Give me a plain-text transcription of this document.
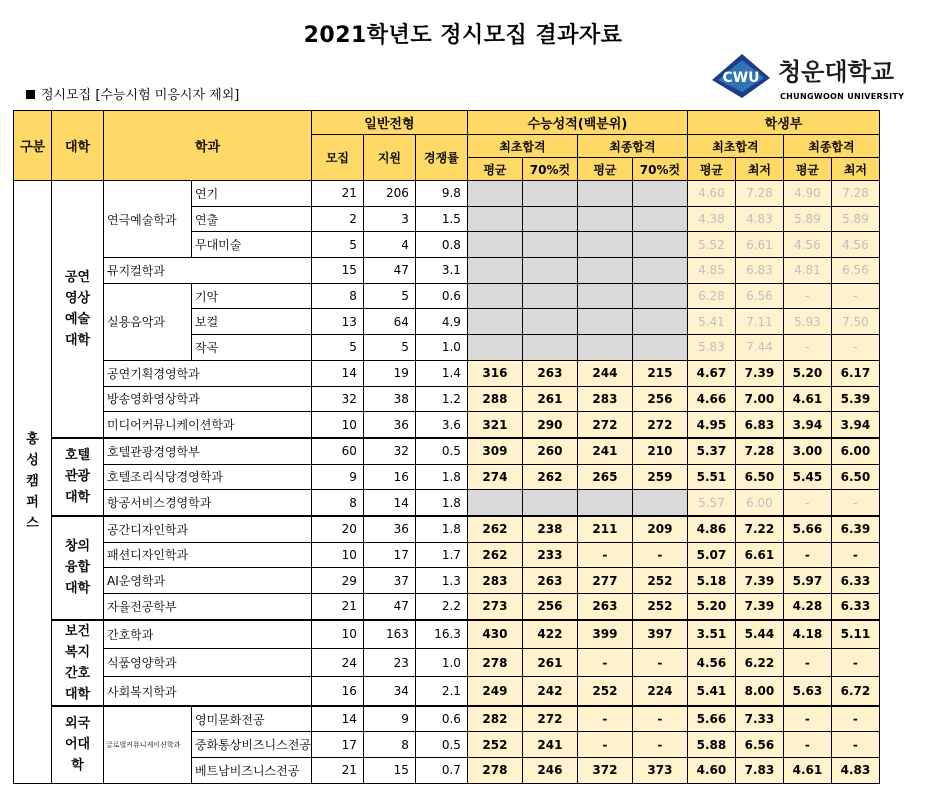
2021학년도 정시모집 결과자료
정시모집 [수능시험 미응시자 제외]
CWU 청운대학교
CHUNGWOON UNIVERSITY
구분	대학	학과		일반전형			수능성적(백분위)				학생부			
				모집	지원	경쟁률	최초합격		최종합격		최초합격		최종합격	
							평균	70%컷	평균	70%컷	평균	최저	평균	최저
홍성캠퍼스	공연영상예술대학	연극예술학과	연기	21	206	9.8					4.60	7.28	4.90	7.28
			연출	2	3	1.5					4.38	4.83	5.89	5.89
			무대미술	5	4	0.8					5.52	6.61	4.56	4.56
		뮤지컬학과		15	47	3.1					4.85	6.83	4.81	6.56
		실용음악과	기악	8	5	0.6					6.28	6.56	-	-
			보컬	13	64	4.9					5.41	7.11	5.93	7.50
			작곡	5	5	1.0					5.83	7.44	-	-
		공연기획경영학과		14	19	1.4	316	263	244	215	4.67	7.39	5.20	6.17
		방송영화영상학과		32	38	1.2	288	261	283	256	4.66	7.00	4.61	5.39
		미디어커뮤니케이션학과		10	36	3.6	321	290	272	272	4.95	6.83	3.94	3.94
	호텔관광대학	호텔관광경영학부		60	32	0.5	309	260	241	210	5.37	7.28	3.00	6.00
		호텔조리식당경영학과		9	16	1.8	274	262	265	259	5.51	6.50	5.45	6.50
		항공서비스경영학과		8	14	1.8					5.57	6.00	-	-
	창의융합대학	공간디자인학과		20	36	1.8	262	238	211	209	4.86	7.22	5.66	6.39
		패션디자인학과		10	17	1.7	262	233	-	-	5.07	6.61	-	-
		AI운영학과		29	37	1.3	283	263	277	252	5.18	7.39	5.97	6.33
		자율전공학부		21	47	2.2	273	256	263	252	5.20	7.39	4.28	6.33
	보건복지간호대학	간호학과		10	163	16.3	430	422	399	397	3.51	5.44	4.18	5.11
		식품영양학과		24	23	1.0	278	261	-	-	4.56	6.22	-	-
		사회복지학과		16	34	2.1	249	242	252	224	5.41	8.00	5.63	6.72
	외국어대학	글로벌커뮤니케이션학과	영미문화전공	14	9	0.6	282	272	-	-	5.66	7.33	-	-
			중화통상비즈니스전공	17	8	0.5	252	241	-	-	5.88	6.56	-	-
			베트남비즈니스전공	21	15	0.7	278	246	372	373	4.60	7.83	4.61	4.83
